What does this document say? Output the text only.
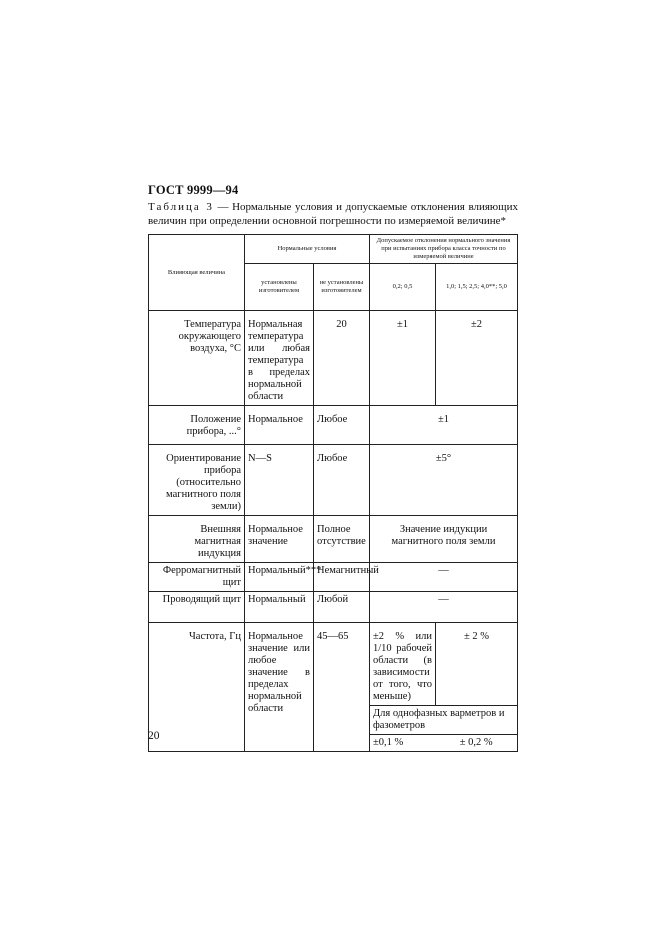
ГОСТ 9999—94
Таблица 3 — Нормальные условия и допускаемые отклонения влияющих величин при определении основной погрешности по измеряемой величине*
Влияющая величина	Нормальные условия		Допускаемое отклонения нормального значения при испытаниях прибора класса точности по измеряемой величине	
	установлены изготовителем	не установлены изготовителем	0,2; 0,5	1,0; 1,5; 2,5; 4,0**; 5,0
Температура окружающего воздуха, °С	Нормальная температура или любая температура в пределах нормальной области	20	±1	±2
Положение прибора, ...°	Нормальное	Любое	±1	
Ориентирование прибора (относительно магнитного поля земли)	N—S	Любое	±5°	
Внешняя магнитная индукция	Нормальное значение	Полное отсутствие	Значение индукции магнитного поля земли	
Ферромагнитный щит	Нормальный***	Немагнитный	—	
Проводящий щит	Нормальный	Любой	—	
Частота, Гц	Нормальное значение или любое значение в пределах нормальной области	45—65	±2 % или 1/10 рабочей области (в зависимости от того, что меньше)	± 2 %
			Для однофазных варметров и фазометров	
			±0,1 %	± 0,2 %
20
